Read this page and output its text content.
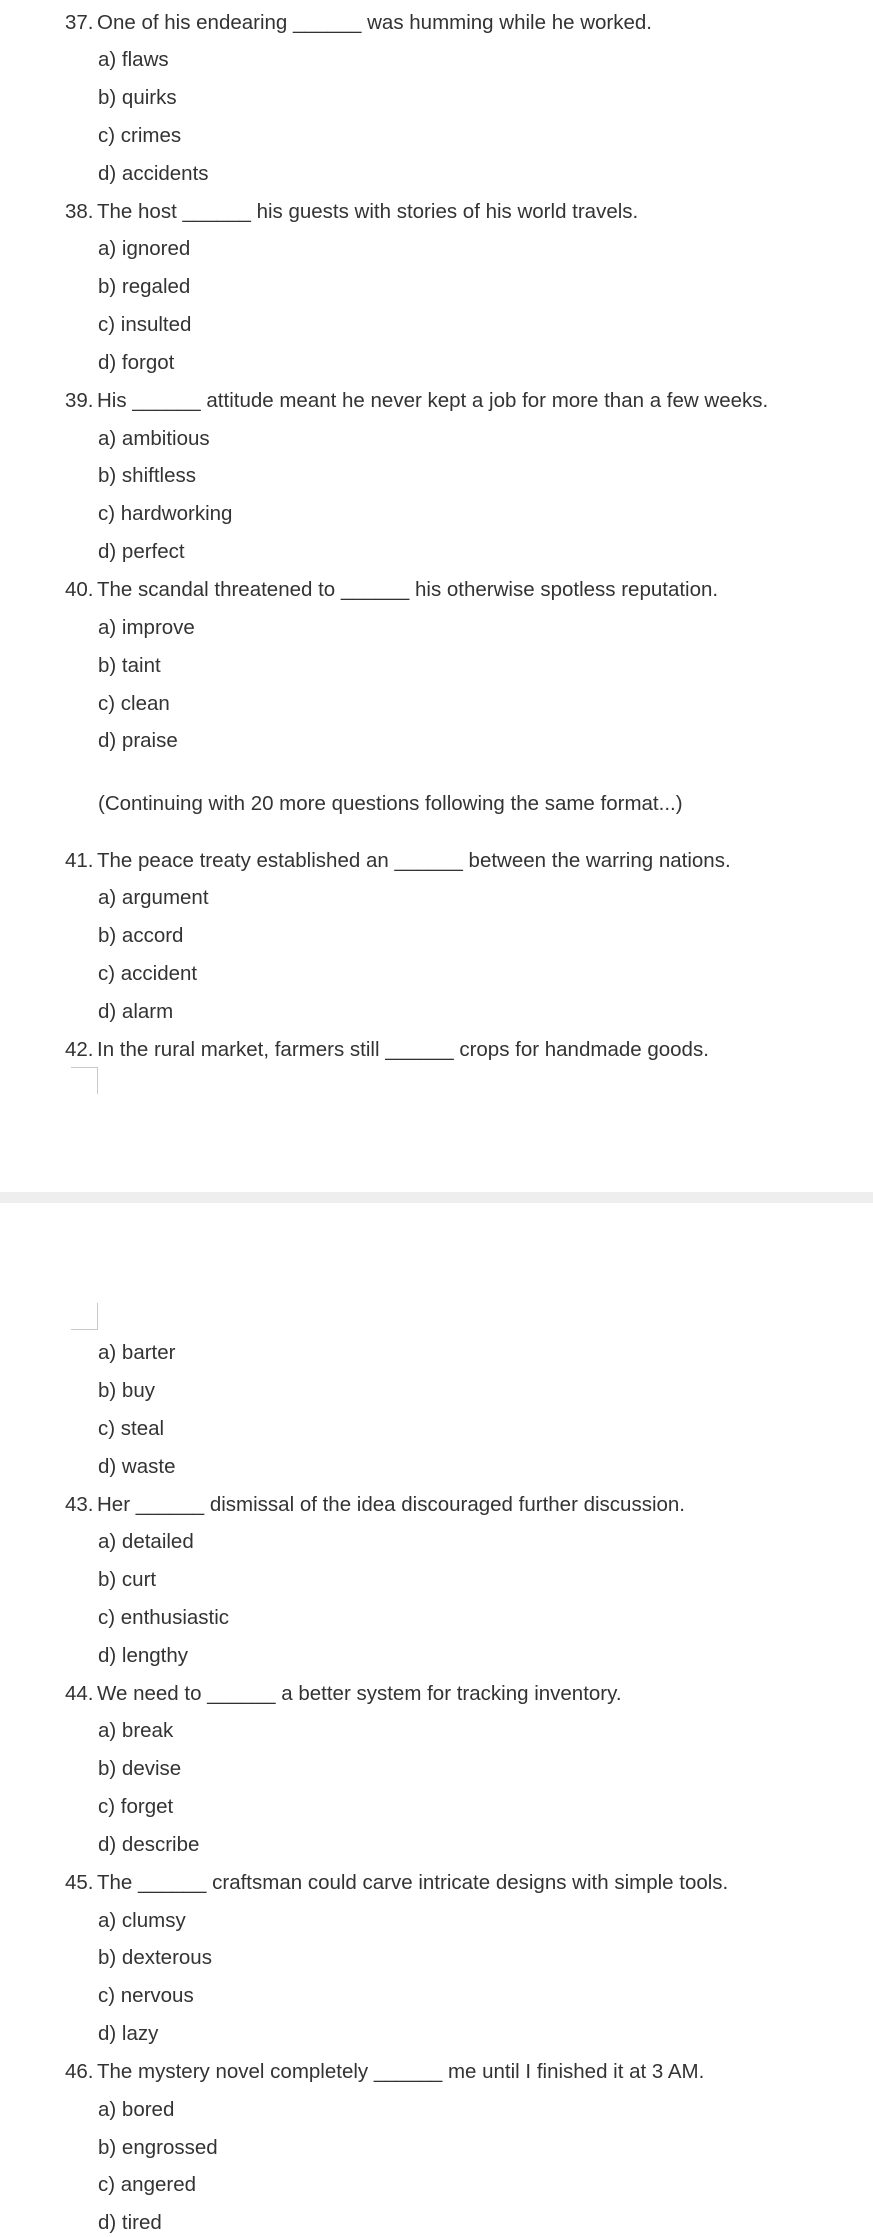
37. One of his endearing ______ was humming while he worked.
a) flaws
b) quirks
c) crimes
d) accidents
38. The host ______ his guests with stories of his world travels.
a) ignored
b) regaled
c) insulted
d) forgot
39. His ______ attitude meant he never kept a job for more than a few weeks.
a) ambitious
b) shiftless
c) hardworking
d) perfect
40. The scandal threatened to ______ his otherwise spotless reputation.
a) improve
b) taint
c) clean
d) praise
(Continuing with 20 more questions following the same format...)
41. The peace treaty established an ______ between the warring nations.
a) argument
b) accord
c) accident
d) alarm
42. In the rural market, farmers still ______ crops for handmade goods.
a) barter
b) buy
c) steal
d) waste
43. Her ______ dismissal of the idea discouraged further discussion.
a) detailed
b) curt
c) enthusiastic
d) lengthy
44. We need to ______ a better system for tracking inventory.
a) break
b) devise
c) forget
d) describe
45. The ______ craftsman could carve intricate designs with simple tools.
a) clumsy
b) dexterous
c) nervous
d) lazy
46. The mystery novel completely ______ me until I finished it at 3 AM.
a) bored
b) engrossed
c) angered
d) tired
